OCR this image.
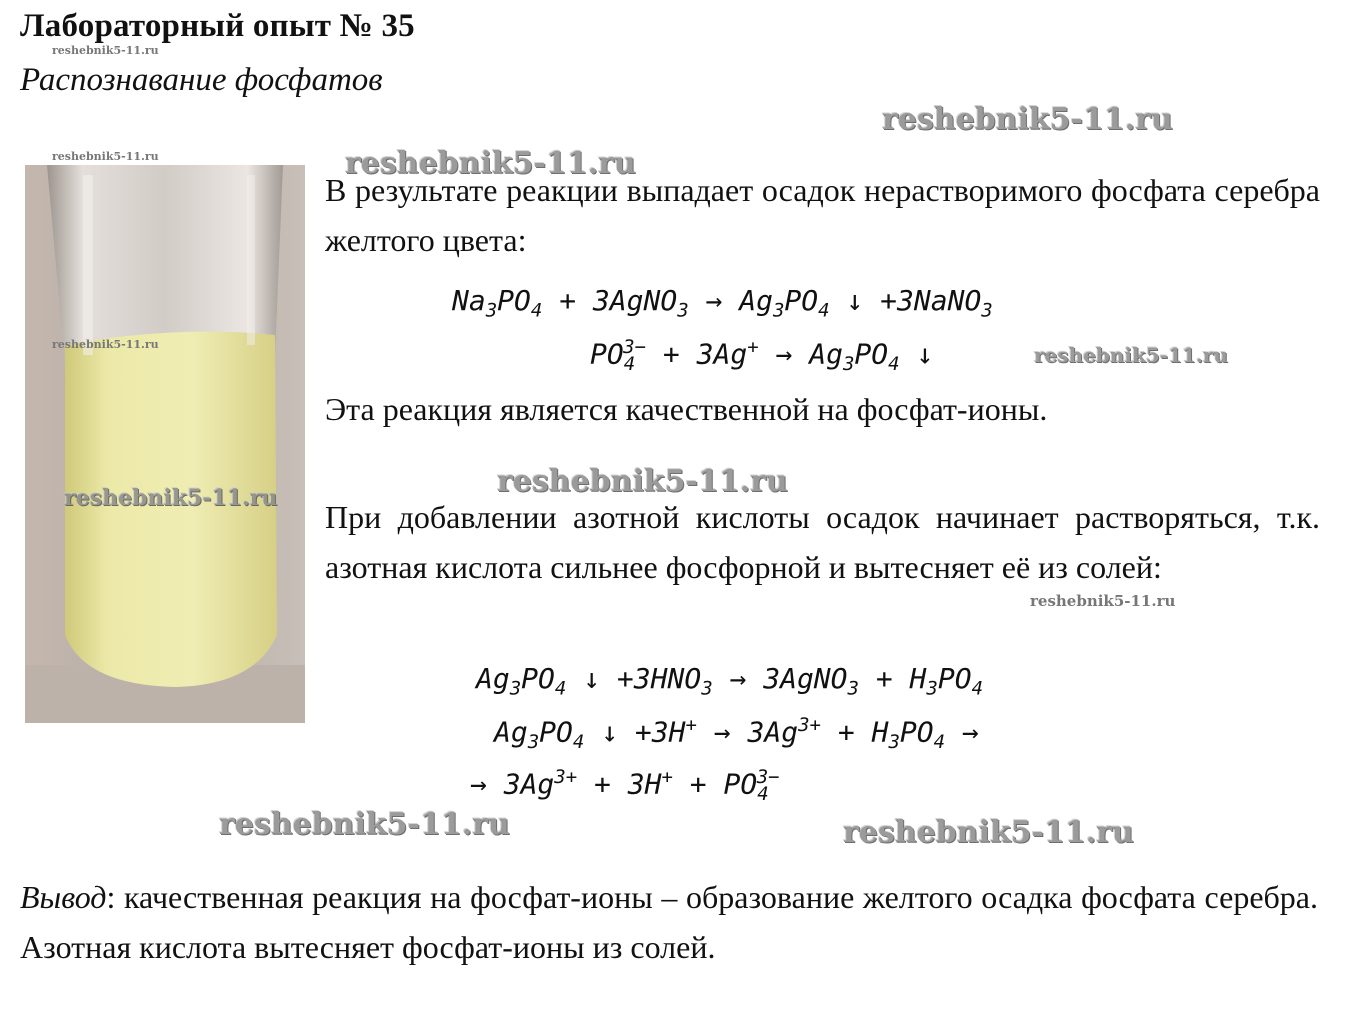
Лабораторный опыт № 35
Распознавание фосфатов
В результате реакции выпадает осадок нерастворимого фосфата серебра желтого цвета:
$Na_3PO_4$ + 3AgNO$_3$ → $Ag_3PO_4$ ↓ +3NaNO$_3$
$PO_4^{3-} + 3Ag^+ \to Ag_3PO_4$ ↓
Эта реакция является качественной на фосфат-ионы.
При добавлении азотной кислоты осадок начинает растворяться, т.к. азотная кислота сильнее фосфорной и вытесняет её из солей:
$Ag_3PO_4$ ↓ $+3HNO_3$ → 3AgNO$_3$ + $H_3PO_4$
$Ag_3PO_4$ ↓ $+3H^+ \to 3Ag^{3+} + H_3PO_4$ →
→ $3Ag^{3+} + 3H^+ + PO_4^{3-}$
Вывод: качественная реакция на фосфат-ионы – образование желтого осадка фосфата серебра. Азотная кислота вытесняет фосфат-ионы из солей.
reshebnik5-11.ru
reshebnik5-11.ru
reshebnik5-11.ru	reshebnik5-11.ru
reshebnik5-11.ru	reshebnik5-11.ru
reshebnik5-11.ru
reshebnik5-11.ru
reshebnik5-11.ru
reshebnik5-11.ru	reshebnik5-11.ru
